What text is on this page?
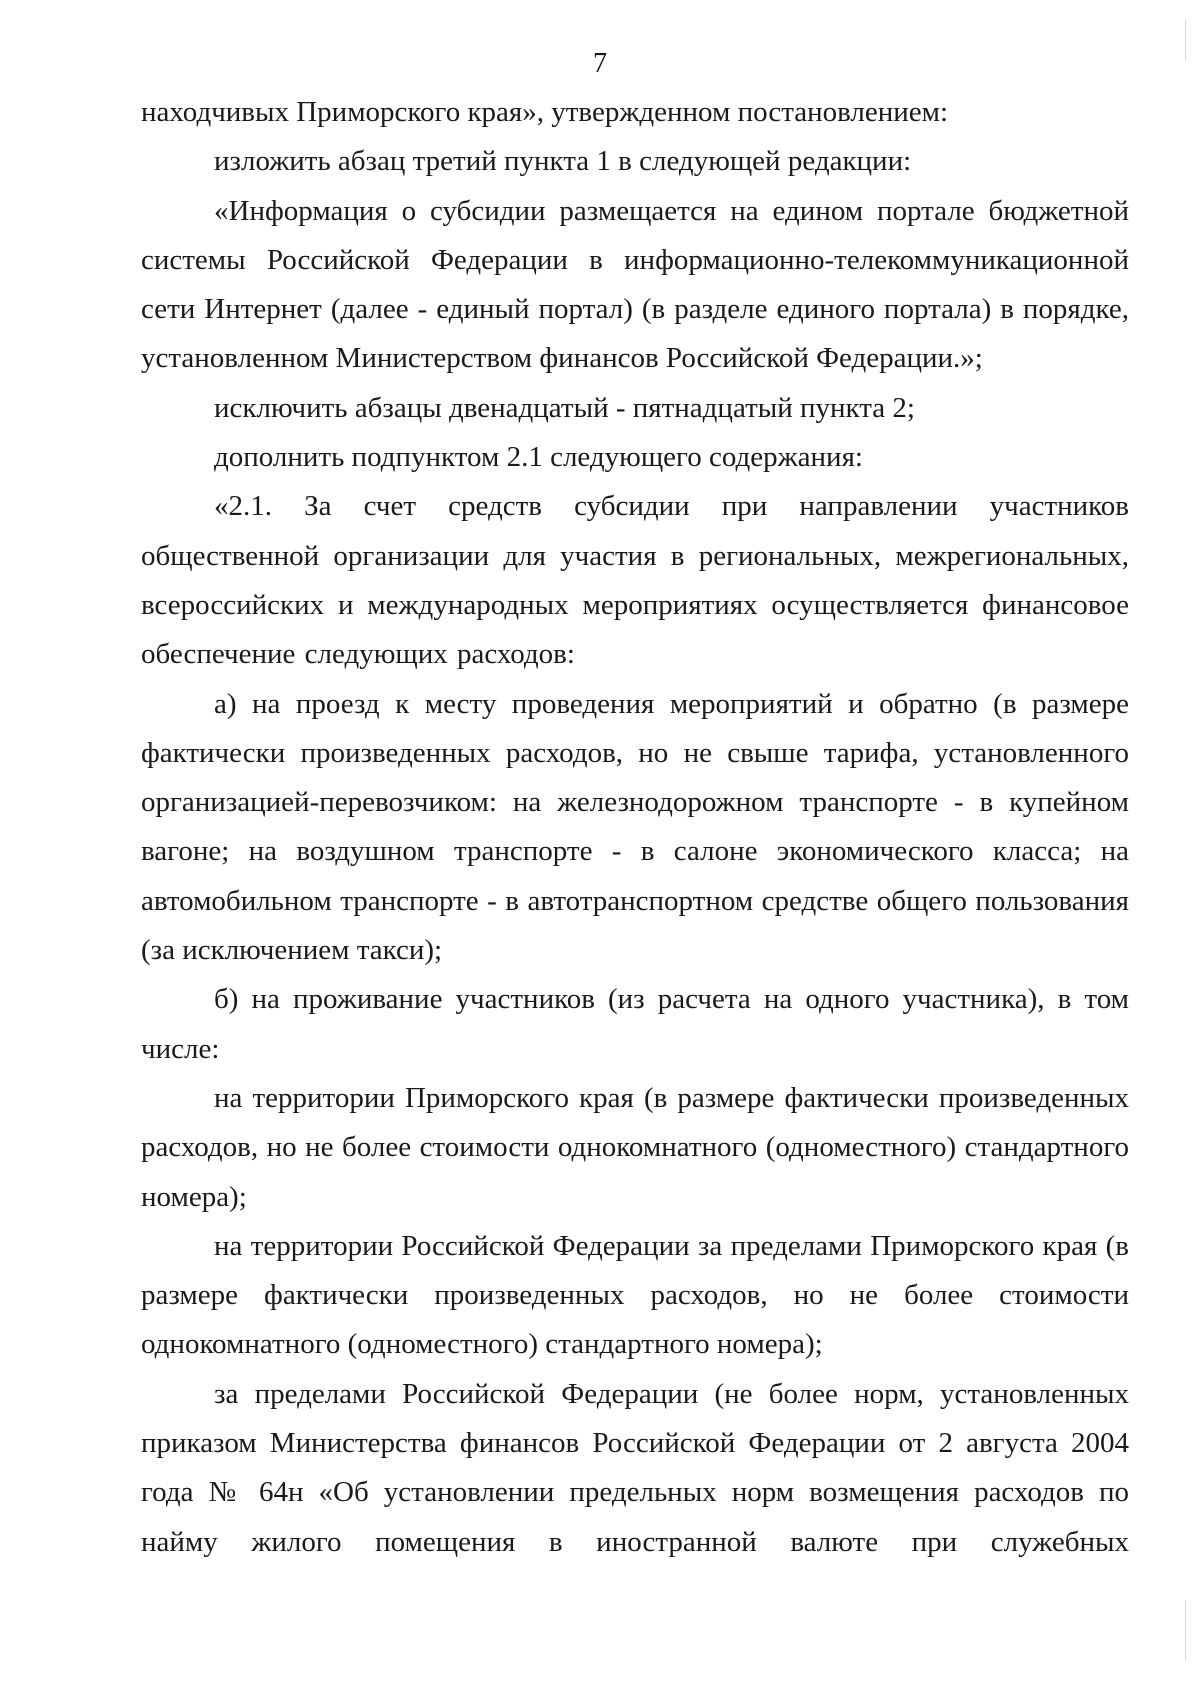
7

находчивых Приморского края», утвержденном постановлением:

изложить абзац третий пункта 1 в следующей редакции:

«Информация о субсидии размещается на едином портале бюджетной системы Российской Федерации в информационно-телекоммуникационной сети Интернет (далее - единый портал) (в разделе единого портала) в порядке, установленном Министерством финансов Российской Федерации.»;

исключить абзацы двенадцатый - пятнадцатый пункта 2;

дополнить подпунктом 2.1 следующего содержания:

«2.1. За счет средств субсидии при направлении участников общественной организации для участия в региональных, межрегиональных, всероссийских и международных мероприятиях осуществляется финансовое обеспечение следующих расходов:

а) на проезд к месту проведения мероприятий и обратно (в размере фактически произведенных расходов, но не свыше тарифа, установленного организацией-перевозчиком: на железнодорожном транспорте - в купейном вагоне; на воздушном транспорте - в салоне экономического класса; на автомобильном транспорте - в автотранспортном средстве общего пользования (за исключением такси);

б) на проживание участников (из расчета на одного участника), в том числе:

на территории Приморского края (в размере фактически произведенных расходов, но не более стоимости однокомнатного (одноместного) стандартного номера);

на территории Российской Федерации за пределами Приморского края (в размере фактически произведенных расходов, но не более стоимости однокомнатного (одноместного) стандартного номера);

за пределами Российской Федерации (не более норм, установленных приказом Министерства финансов Российской Федерации от 2 августа 2004 года № 64н «Об установлении предельных норм возмещения расходов по найму жилого помещения в иностранной валюте при служебных
